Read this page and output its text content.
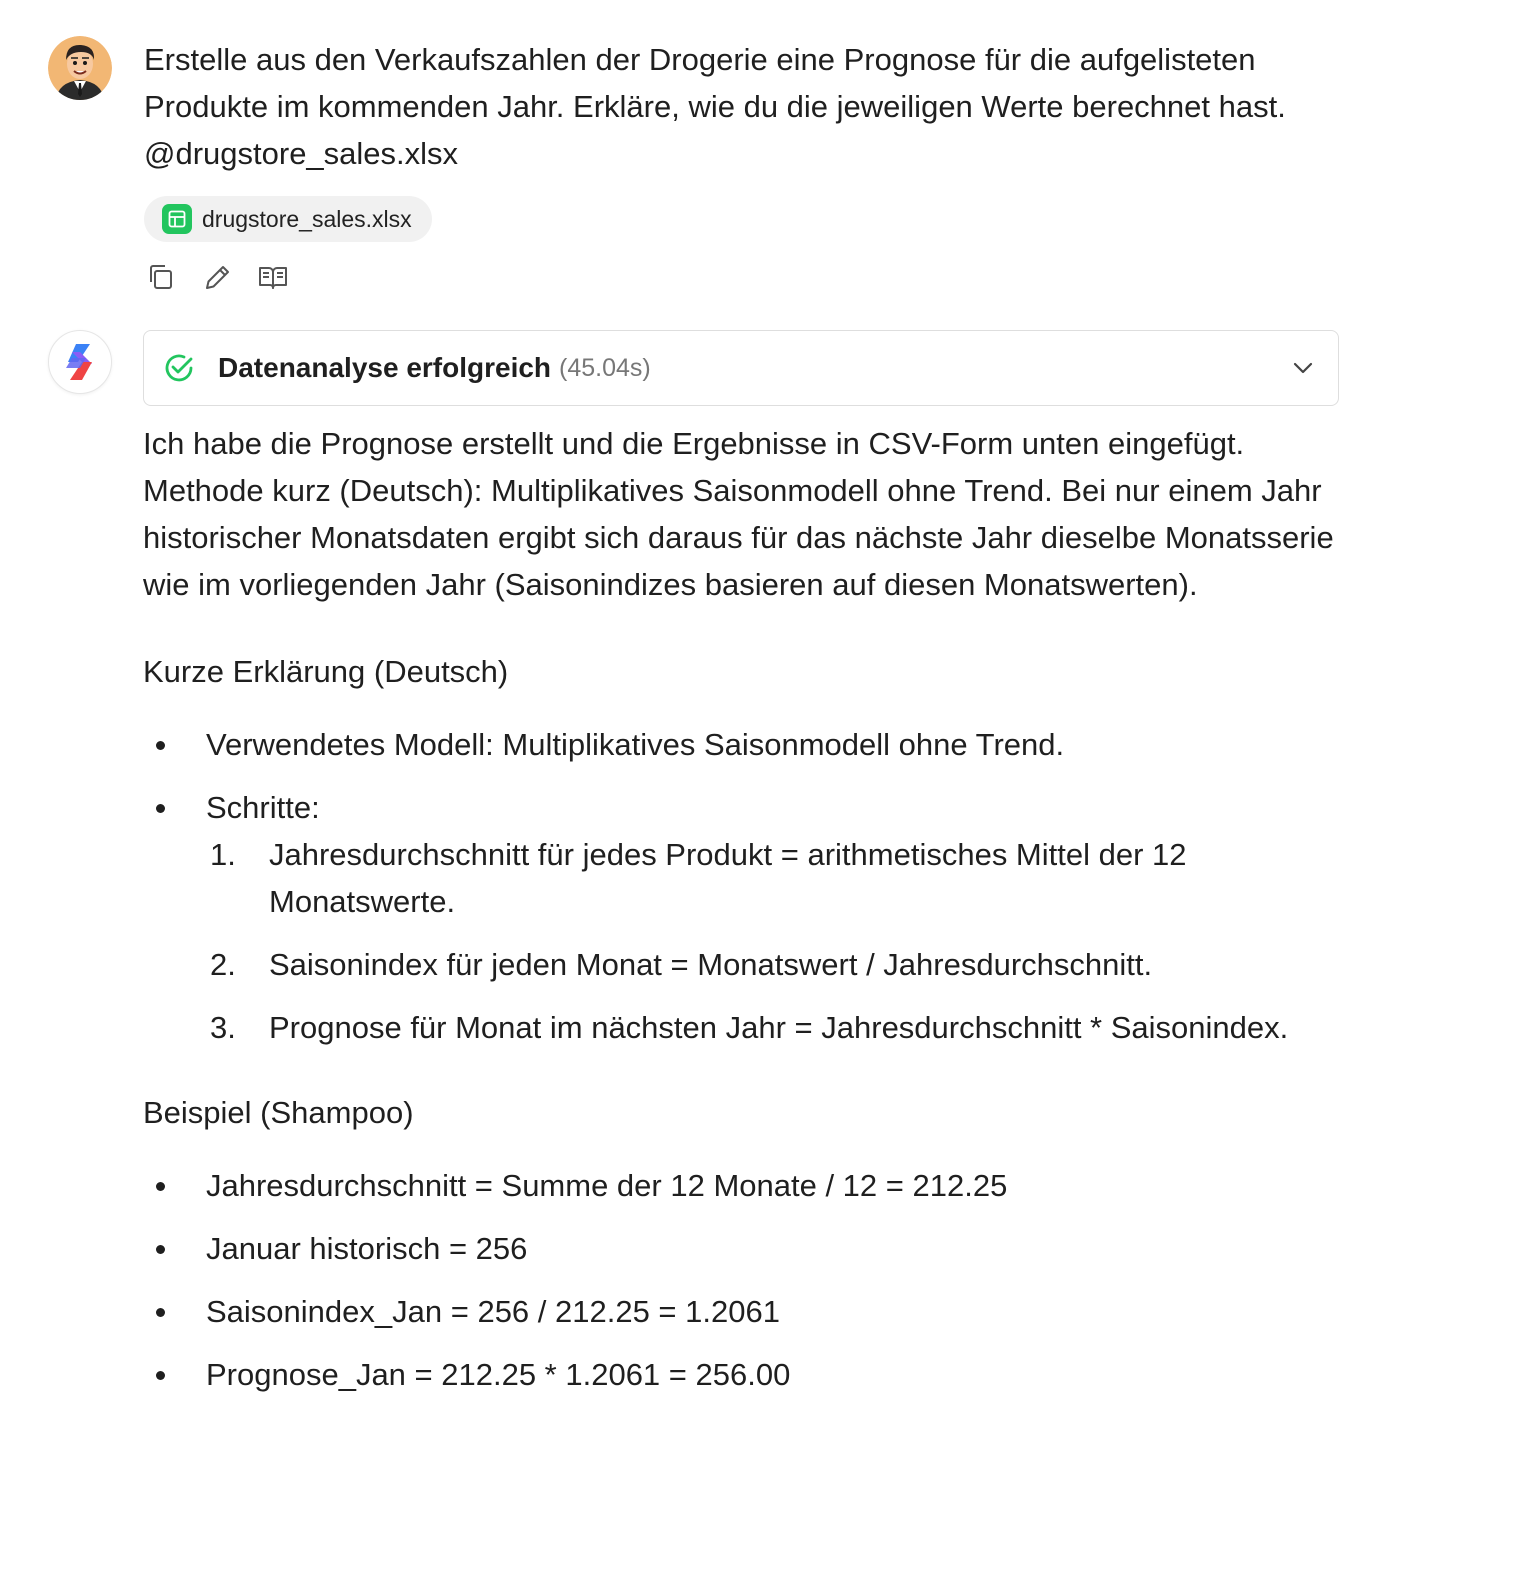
Erstelle aus den Verkaufszahlen der Drogerie eine Prognose für die aufgelisteten Produkte im kommenden Jahr. Erkläre, wie du die jeweiligen Werte berechnet hast. @drugstore_sales.xlsx
drugstore_sales.xlsx
Datenanalyse erfolgreich (45.04s)

Ich habe die Prognose erstellt und die Ergebnisse in CSV-Form unten eingefügt. Methode kurz (Deutsch): Multiplikatives Saisonmodell ohne Trend. Bei nur einem Jahr historischer Monatsdaten ergibt sich daraus für das nächste Jahr dieselbe Monatsserie wie im vorliegenden Jahr (Saisonindizes basieren auf diesen Monatswerten).

Kurze Erklärung (Deutsch)

Verwendetes Modell: Multiplikatives Saisonmodell ohne Trend.
Schritte:
1. Jahresdurchschnitt für jedes Produkt = arithmetisches Mittel der 12 Monatswerte.
2. Saisonindex für jeden Monat = Monatswert / Jahresdurchschnitt.
3. Prognose für Monat im nächsten Jahr = Jahresdurchschnitt * Saisonindex.

Beispiel (Shampoo)

Jahresdurchschnitt = Summe der 12 Monate / 12 = 212.25
Januar historisch = 256
Saisonindex_Jan = 256 / 212.25 = 1.2061
Prognose_Jan = 212.25 * 1.2061 = 256.00
